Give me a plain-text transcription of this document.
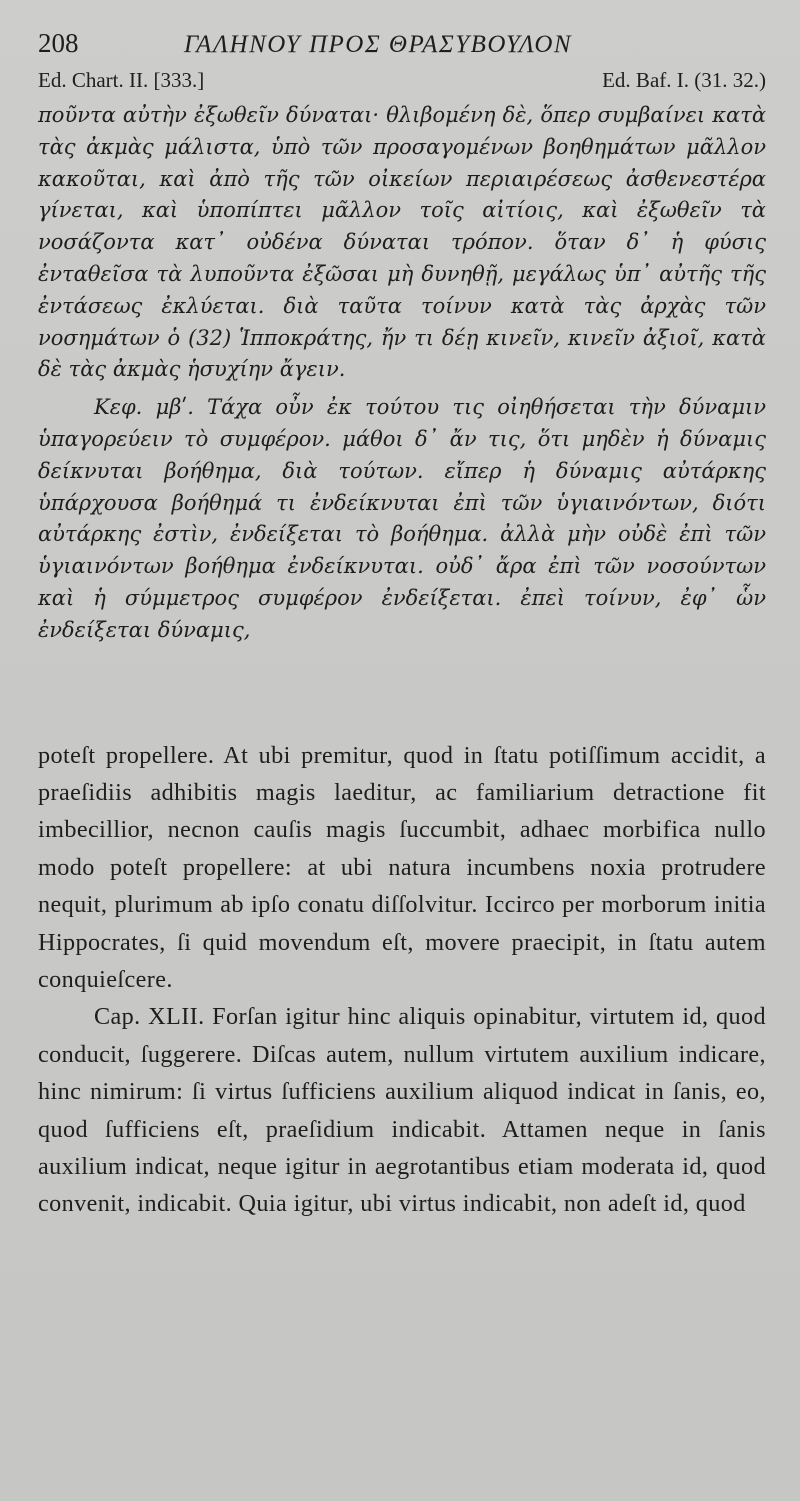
208	ΓΑΛΗΝΟΥ ΠΡΟΣ ΘΡΑΣΥΒΟΥΛΟΝ
Ed. Chart. II. [333.]	Ed. Baf. I. (31. 32.)

ποῦντα αὐτὴν ἐξωθεῖν δύναται· θλιβομένη δὲ, ὅπερ συμβαίνει κατὰ τὰς ἀκμὰς μάλιστα, ὑπὸ τῶν προσαγομένων βοηθημάτων μᾶλλον κακοῦται, καὶ ἀπὸ τῆς τῶν οἰκείων περιαιρέσεως ἀσθενεστέρα γίνεται, καὶ ὑποπίπτει μᾶλλον τοῖς αἰτίοις, καὶ ἐξωθεῖν τὰ νοσάζοντα κατ᾽ οὐδένα δύναται τρόπον. ὅταν δ᾽ ἡ φύσις ἐνταθεῖσα τὰ λυποῦντα ἐξῶσαι μὴ δυνηθῇ, μεγάλως ὑπ᾽ αὐτῆς τῆς ἐντάσεως ἐκλύεται. διὰ ταῦτα τοίνυν κατὰ τὰς ἀρχὰς τῶν νοσημάτων ὁ (32) Ἱπποκράτης, ἤν τι δέῃ κινεῖν, κινεῖν ἀξιοῖ, κατὰ δὲ τὰς ἀκμὰς ἡσυχίην ἄγειν.

Κεφ. μβʹ. Τάχα οὖν ἐκ τούτου τις οἰηθήσεται τὴν δύναμιν ὑπαγορεύειν τὸ συμφέρον. μάθοι δ᾽ ἄν τις, ὅτι μηδὲν ἡ δύναμις δείκνυται βοήθημα, διὰ τούτων. εἴπερ ἡ δύναμις αὐτάρκης ὑπάρχουσα βοήθημά τι ἐνδείκνυται ἐπὶ τῶν ὑγιαινόντων, διότι αὐτάρκης ἐστὶν, ἐνδείξεται τὸ βοήθημα. ἀλλὰ μὴν οὐδὲ ἐπὶ τῶν ὑγιαινόντων βοήθημα ἐνδείκνυται. οὐδ᾽ ἄρα ἐπὶ τῶν νοσούντων καὶ ἡ σύμμετρος συμφέρον ἐνδείξεται. ἐπεὶ τοίνυν, ἐφ᾽ ὧν ἐνδείξεται δύναμις,

poteſt propellere. At ubi premitur, quod in ſtatu potiſſimum accidit, a praeſidiis adhibitis magis laeditur, ac familiarium detractione fit imbecillior, necnon cauſis magis ſuccumbit, adhaec morbifica nullo modo poteſt propellere: at ubi natura incumbens noxia protrudere nequit, plurimum ab ipſo conatu diſſolvitur. Iccirco per morborum initia Hippocrates, ſi quid movendum eſt, movere praecipit, in ſtatu autem conquieſcere.

Cap. XLII. Forſan igitur hinc aliquis opinabitur, virtutem id, quod conducit, ſuggerere. Diſcas autem, nullum virtutem auxilium indicare, hinc nimirum: ſi virtus ſufficiens auxilium aliquod indicat in ſanis, eo, quod ſufficiens eſt, praeſidium indicabit. Attamen neque in ſanis auxilium indicat, neque igitur in aegrotantibus etiam moderata id, quod convenit, indicabit. Quia igitur, ubi virtus indicabit, non adeſt id, quod
